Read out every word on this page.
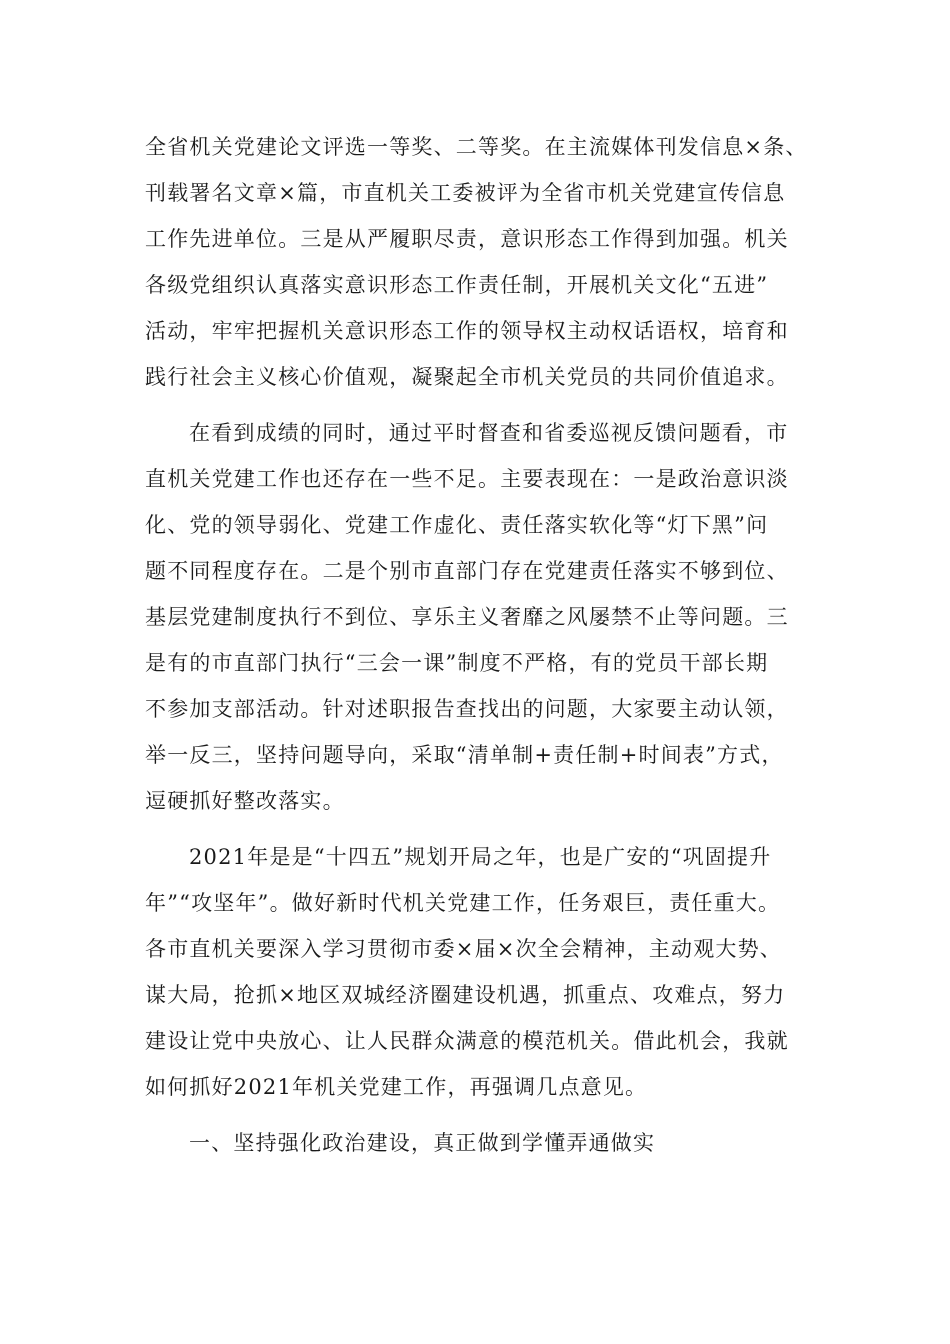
全省机关党建论文评选一等奖、二等奖。在主流媒体刊发信息×条、
刊载署名文章×篇，市直机关工委被评为全省市机关党建宣传信息
工作先进单位。三是从严履职尽责，意识形态工作得到加强。机关
各级党组织认真落实意识形态工作责任制，开展机关文化“五进”
活动，牢牢把握机关意识形态工作的领导权主动权话语权，培育和
践行社会主义核心价值观，凝聚起全市机关党员的共同价值追求。
在看到成绩的同时，通过平时督查和省委巡视反馈问题看，市
直机关党建工作也还存在一些不足。主要表现在：一是政治意识淡
化、党的领导弱化、党建工作虚化、责任落实软化等“灯下黑”问
题不同程度存在。二是个别市直部门存在党建责任落实不够到位、
基层党建制度执行不到位、享乐主义奢靡之风屡禁不止等问题。三
是有的市直部门执行“三会一课”制度不严格，有的党员干部长期
不参加支部活动。针对述职报告查找出的问题，大家要主动认领，
举一反三，坚持问题导向，采取“清单制+责任制+时间表”方式，
逗硬抓好整改落实。
2021年是是“十四五”规划开局之年，也是广安的“巩固提升
年”“攻坚年”。做好新时代机关党建工作，任务艰巨，责任重大。
各市直机关要深入学习贯彻市委×届×次全会精神，主动观大势、
谋大局，抢抓×地区双城经济圈建设机遇，抓重点、攻难点，努力
建设让党中央放心、让人民群众满意的模范机关。借此机会，我就
如何抓好2021年机关党建工作，再强调几点意见。
一、坚持强化政治建设，真正做到学懂弄通做实
